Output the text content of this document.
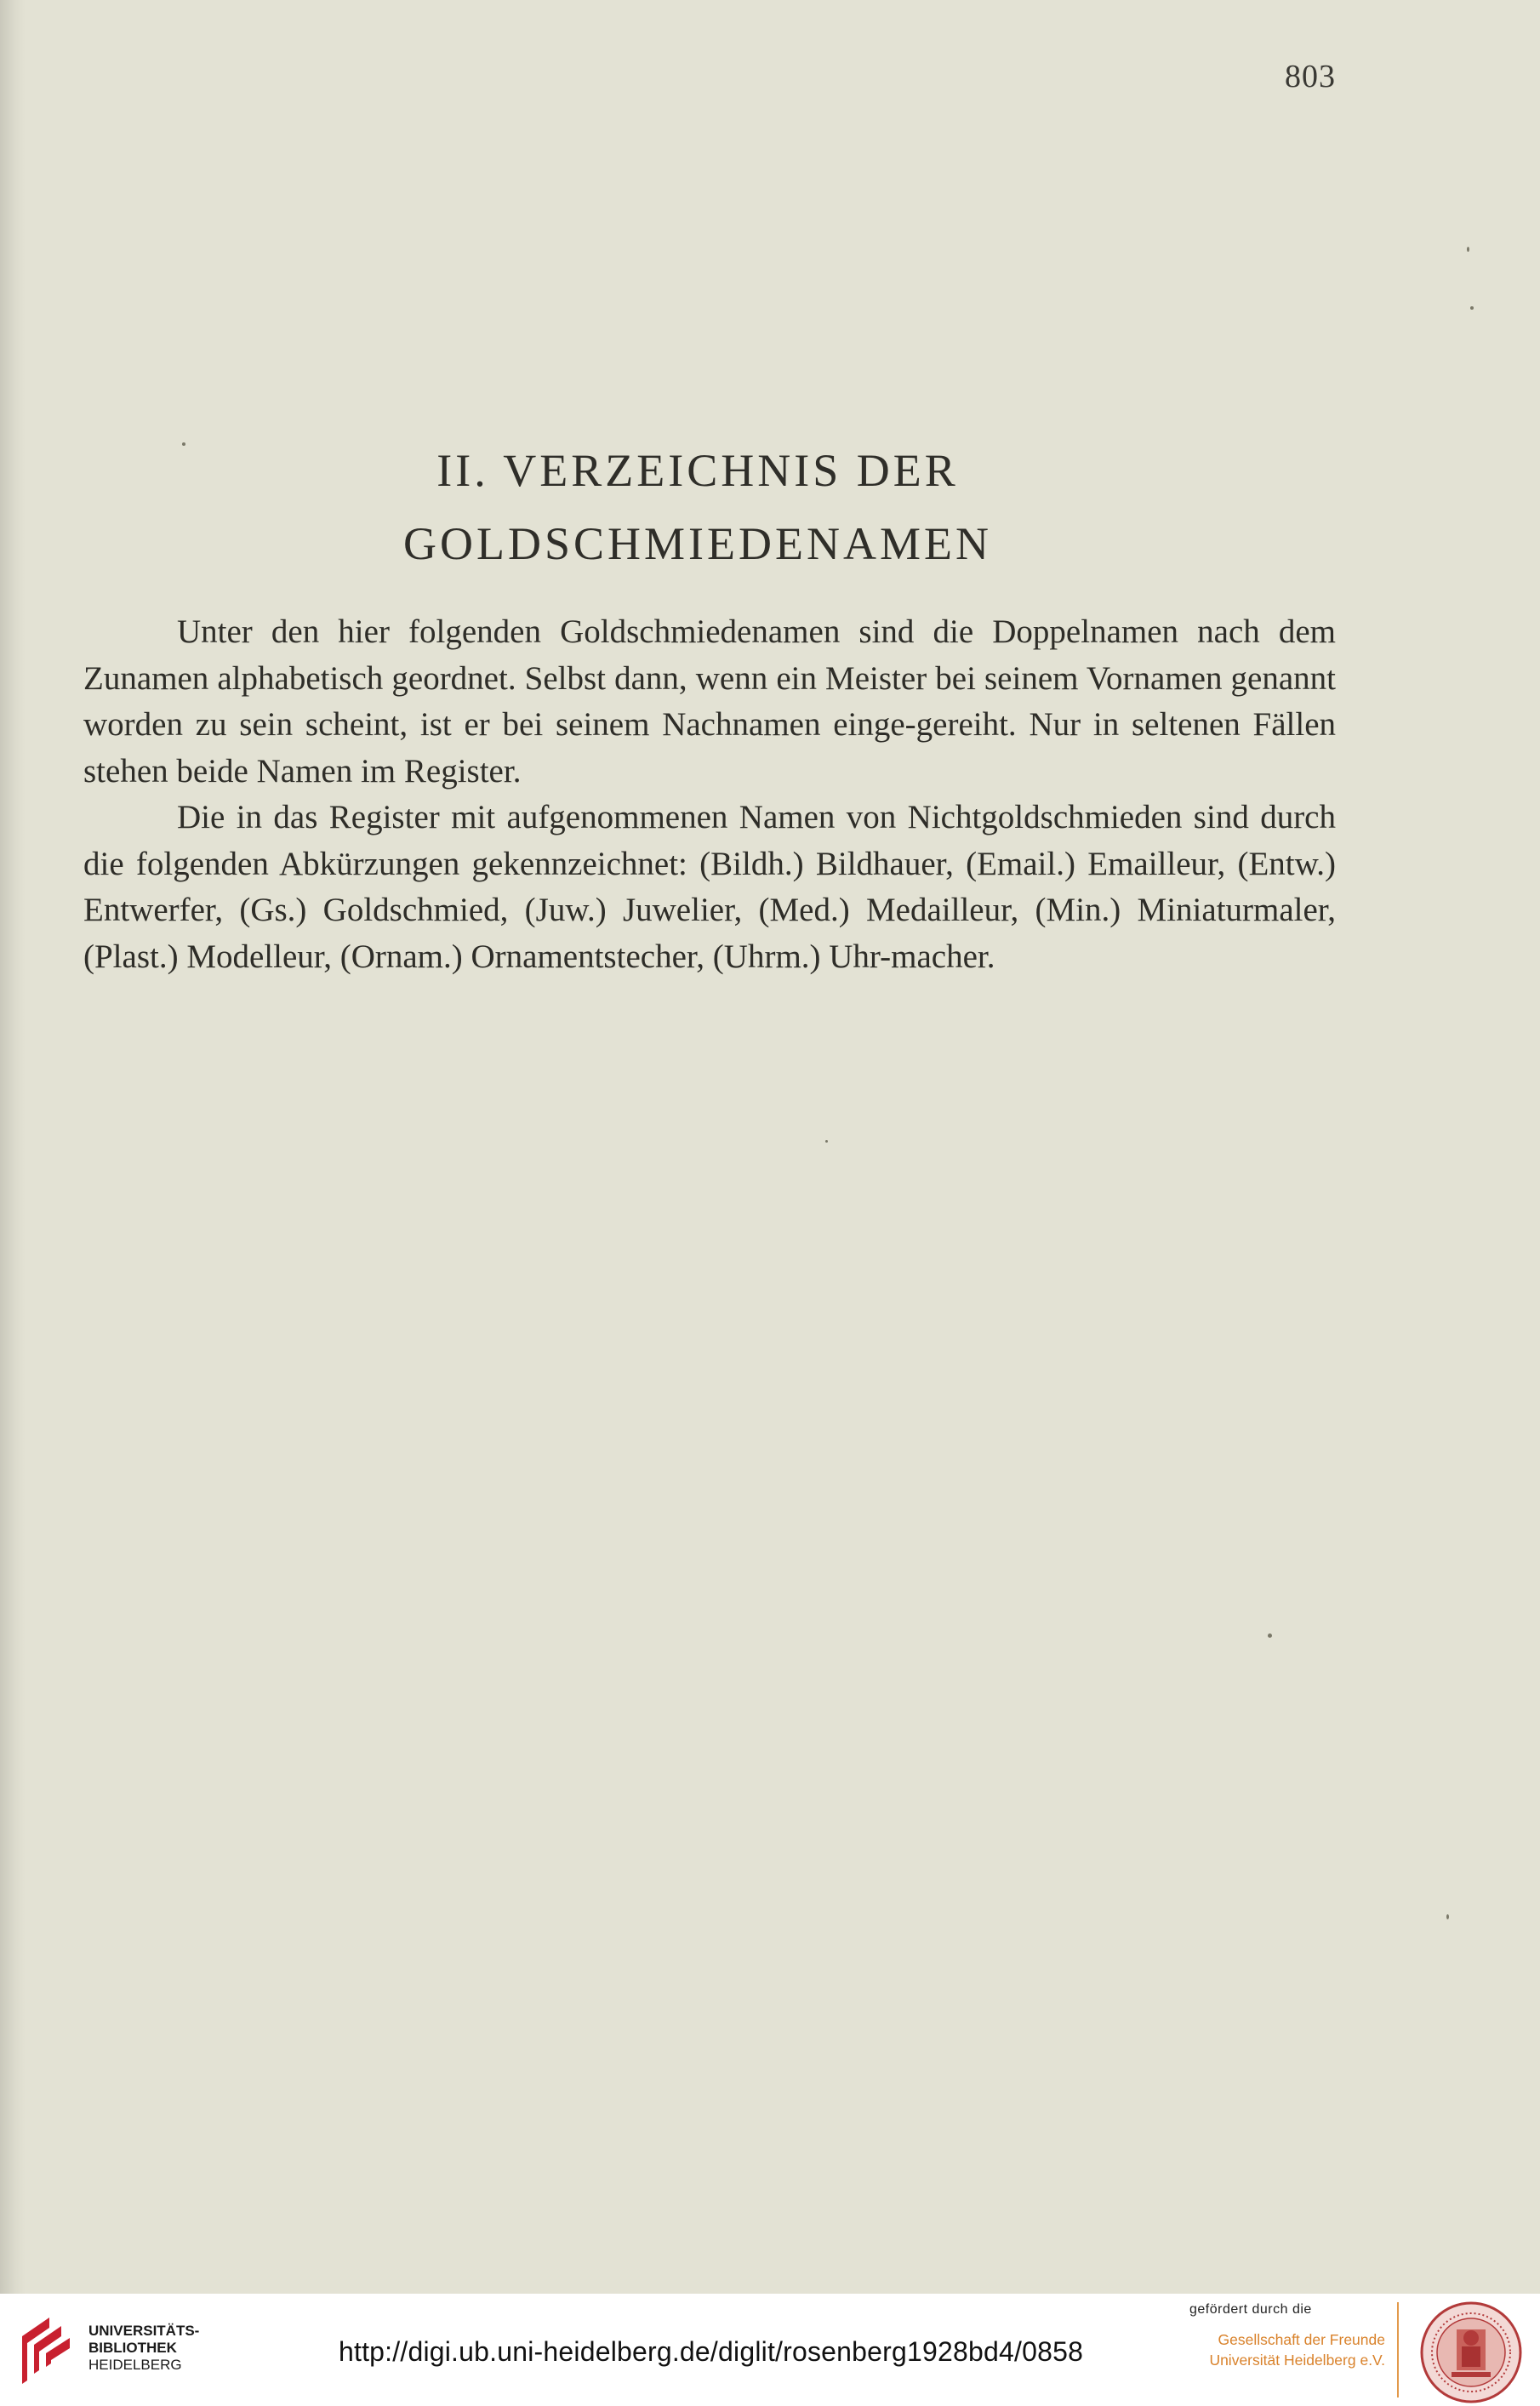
803
II. VERZEICHNIS DER
GOLDSCHMIEDENAMEN

Unter den hier folgenden Goldschmiedenamen sind die Doppelnamen nach dem Zunamen alphabetisch geordnet. Selbst dann, wenn ein Meister bei seinem Vornamen genannt worden zu sein scheint, ist er bei seinem Nachnamen einge-gereiht. Nur in seltenen Fällen stehen beide Namen im Register.

Die in das Register mit aufgenommenen Namen von Nichtgoldschmieden sind durch die folgenden Abkürzungen gekennzeichnet: (Bildh.) Bildhauer, (Email.) Emailleur, (Entw.) Entwerfer, (Gs.) Goldschmied, (Juw.) Juwelier, (Med.) Medailleur, (Min.) Miniaturmaler, (Plast.) Modelleur, (Ornam.) Ornamentstecher, (Uhrm.) Uhr-macher.

UNIVERSITÄTS-
BIBLIOTHEK
HEIDELBERG	http://digi.ub.uni-heidelberg.de/diglit/rosenberg1928bd4/0858
gefördert durch die
Gesellschaft der Freunde
Universität Heidelberg e.V.
